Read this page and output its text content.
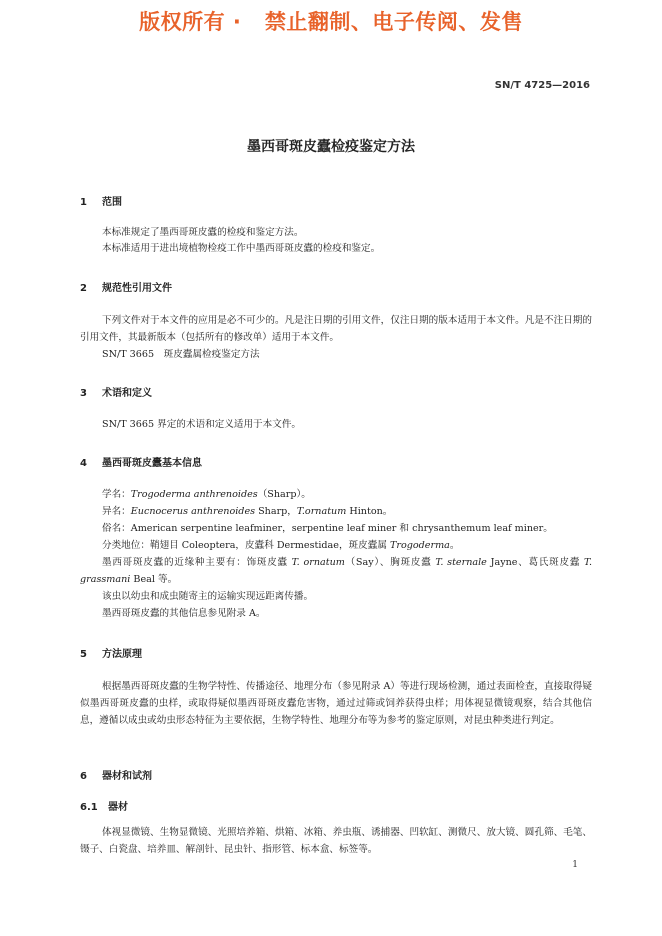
版权所有 ·   禁止翻制、电子传阅、发售
SN/T 4725—2016
墨西哥斑皮蠹检疫鉴定方法
1 范围
本标准规定了墨西哥斑皮蠹的检疫和鉴定方法。
本标准适用于进出境植物检疫工作中墨西哥斑皮蠹的检疫和鉴定。
2 规范性引用文件
下列文件对于本文件的应用是必不可少的。凡是注日期的引用文件，仅注日期的版本适用于本文件。凡是不注日期的引用文件，其最新版本（包括所有的修改单）适用于本文件。
SN/T 3665　斑皮蠹属检疫鉴定方法
3 术语和定义
SN/T 3665 界定的术语和定义适用于本文件。
4 墨西哥斑皮蠹基本信息
学名：Trogoderma anthrenoides（Sharp）。
异名：Eucnocerus anthrenoides Sharp，T.ornatum Hinton。
俗名：American serpentine leafminer，serpentine leaf miner 和 chrysanthemum leaf miner。
分类地位：鞘翅目 Coleoptera，皮蠹科 Dermestidae，斑皮蠹属 Trogoderma。
墨西哥斑皮蠹的近缘种主要有：饰斑皮蠹 T. ornatum（Say）、胸斑皮蠹 T. sternale Jayne、葛氏斑皮蠹 T. grassmani Beal 等。
该虫以幼虫和成虫随寄主的运输实现远距离传播。
墨西哥斑皮蠹的其他信息参见附录 A。
5 方法原理
根据墨西哥斑皮蠹的生物学特性、传播途径、地理分布（参见附录 A）等进行现场检测，通过表面检查，直接取得疑似墨西哥斑皮蠹的虫样，或取得疑似墨西哥斑皮蠹危害物，通过过筛或饲养获得虫样；用体视显微镜观察，结合其他信息，遵循以成虫或幼虫形态特征为主要依据，生物学特性、地理分布等为参考的鉴定原则，对昆虫种类进行判定。
6 器材和试剂
6.1 器材
体视显微镜、生物显微镜、光照培养箱、烘箱、冰箱、养虫瓶、诱捕器、凹软缸、测微尺、放大镜、圆孔筛、毛笔、镊子、白瓷盘、培养皿、解剖针、昆虫针、指形管、标本盒、标签等。
1
